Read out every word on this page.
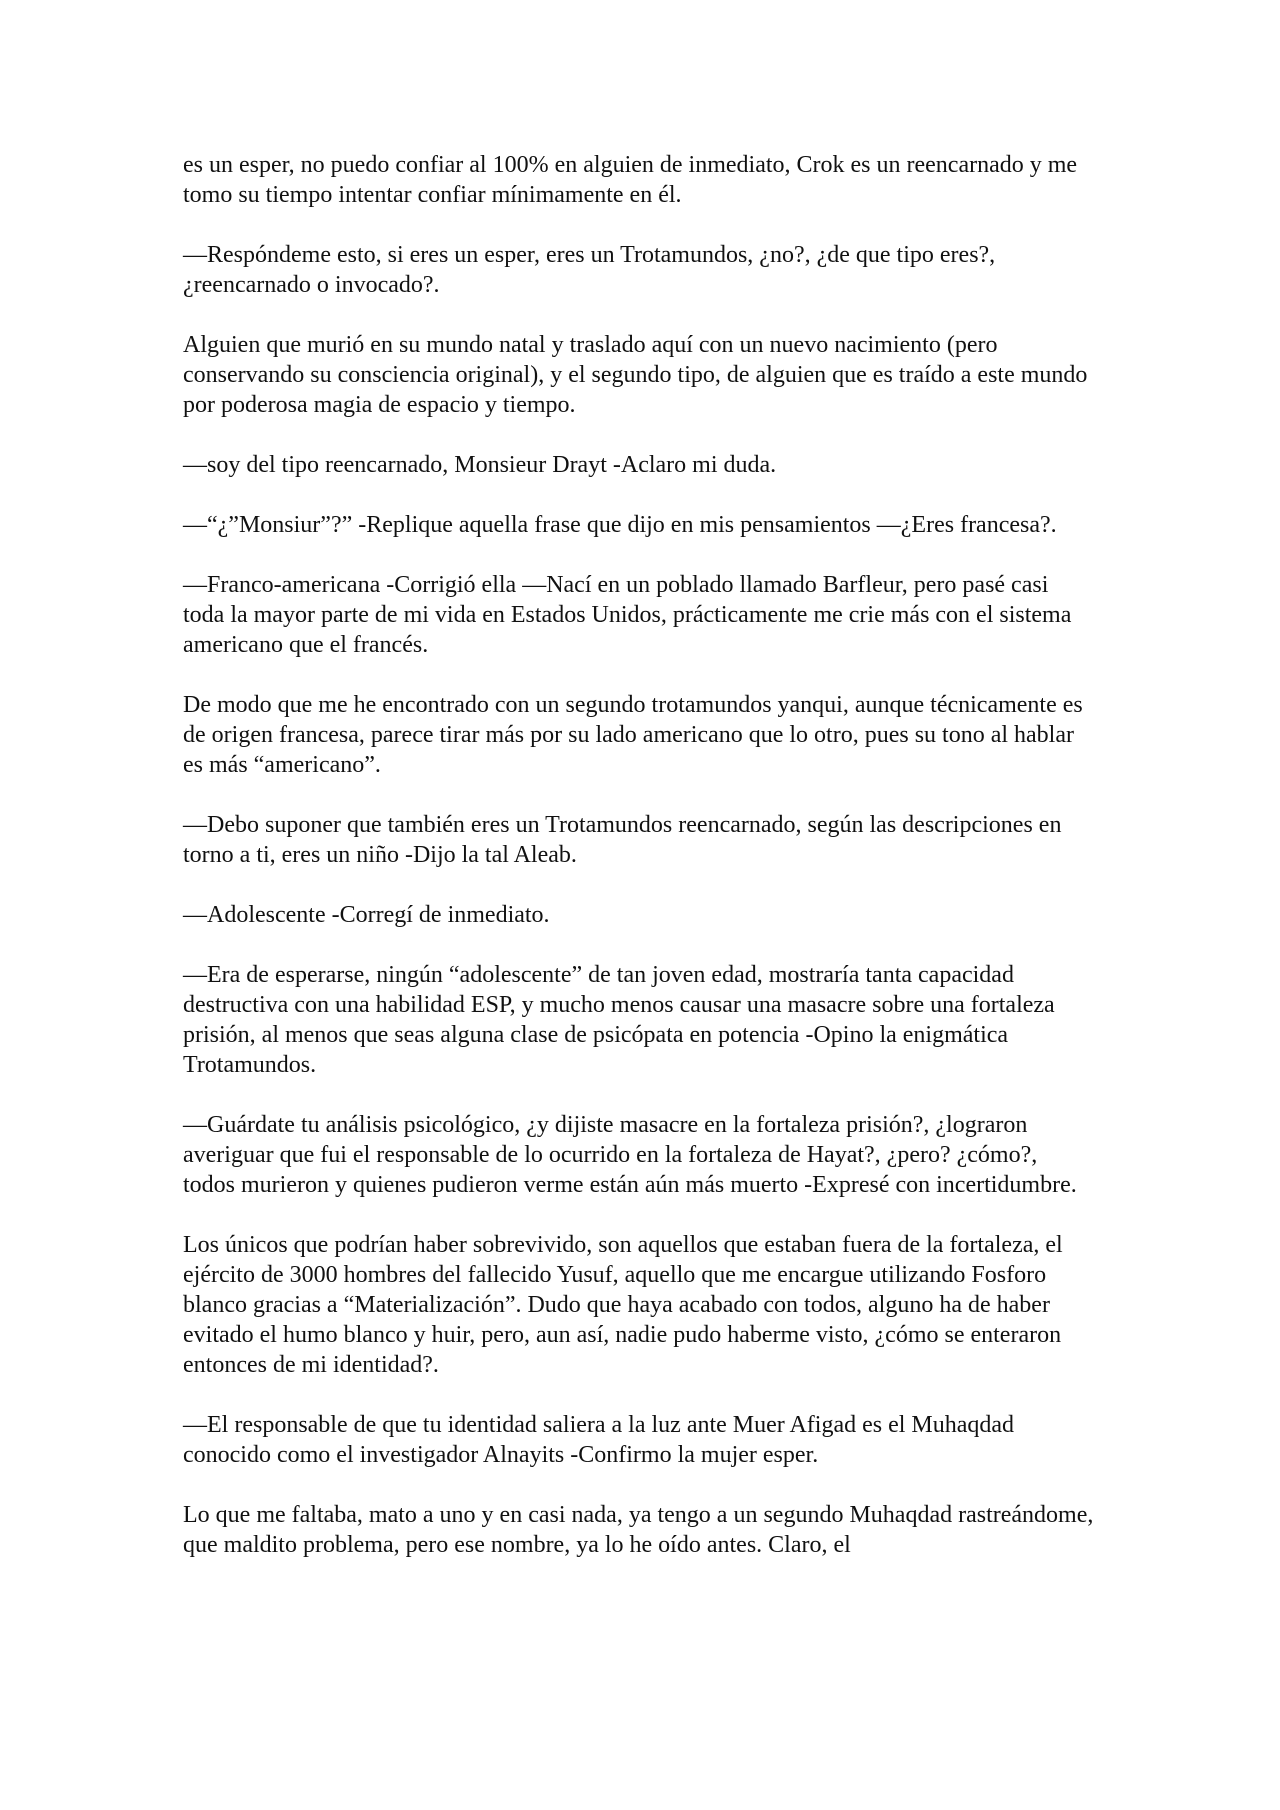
es un esper, no puedo confiar al 100% en alguien de inmediato, Crok es un reencarnado y me tomo su tiempo intentar confiar mínimamente en él.

—Respóndeme esto, si eres un esper, eres un Trotamundos, ¿no?, ¿de que tipo eres?, ¿reencarnado o invocado?.

Alguien que murió en su mundo natal y traslado aquí con un nuevo nacimiento (pero conservando su consciencia original), y el segundo tipo, de alguien que es traído a este mundo por poderosa magia de espacio y tiempo.

—soy del tipo reencarnado, Monsieur Drayt -Aclaro mi duda.

—“¿”Monsiur”?” -Replique aquella frase que dijo en mis pensamientos —¿Eres francesa?.

—Franco-americana -Corrigió ella —Nací en un poblado llamado Barfleur, pero pasé casi toda la mayor parte de mi vida en Estados Unidos, prácticamente me crie más con el sistema americano que el francés.

De modo que me he encontrado con un segundo trotamundos yanqui, aunque técnicamente es de origen francesa, parece tirar más por su lado americano que lo otro, pues su tono al hablar es más “americano”.

—Debo suponer que también eres un Trotamundos reencarnado, según las descripciones en torno a ti, eres un niño -Dijo la tal Aleab.

—Adolescente -Corregí de inmediato.

—Era de esperarse, ningún “adolescente” de tan joven edad, mostraría tanta capacidad destructiva con una habilidad ESP, y mucho menos causar una masacre sobre una fortaleza prisión, al menos que seas alguna clase de psicópata en potencia -Opino la enigmática Trotamundos.

—Guárdate tu análisis psicológico, ¿y dijiste masacre en la fortaleza prisión?, ¿lograron averiguar que fui el responsable de lo ocurrido en la fortaleza de Hayat?, ¿pero? ¿cómo?, todos murieron y quienes pudieron verme están aún más muerto -Expresé con incertidumbre.

Los únicos que podrían haber sobrevivido, son aquellos que estaban fuera de la fortaleza, el ejército de 3000 hombres del fallecido Yusuf, aquello que me encargue utilizando Fosforo blanco gracias a “Materialización”. Dudo que haya acabado con todos, alguno ha de haber evitado el humo blanco y huir, pero, aun así, nadie pudo haberme visto, ¿cómo se enteraron entonces de mi identidad?.

—El responsable de que tu identidad saliera a la luz ante Muer Afigad es el Muhaqdad conocido como el investigador Alnayits -Confirmo la mujer esper.

Lo que me faltaba, mato a uno y en casi nada, ya tengo a un segundo Muhaqdad rastreándome, que maldito problema, pero ese nombre, ya lo he oído antes. Claro, el
